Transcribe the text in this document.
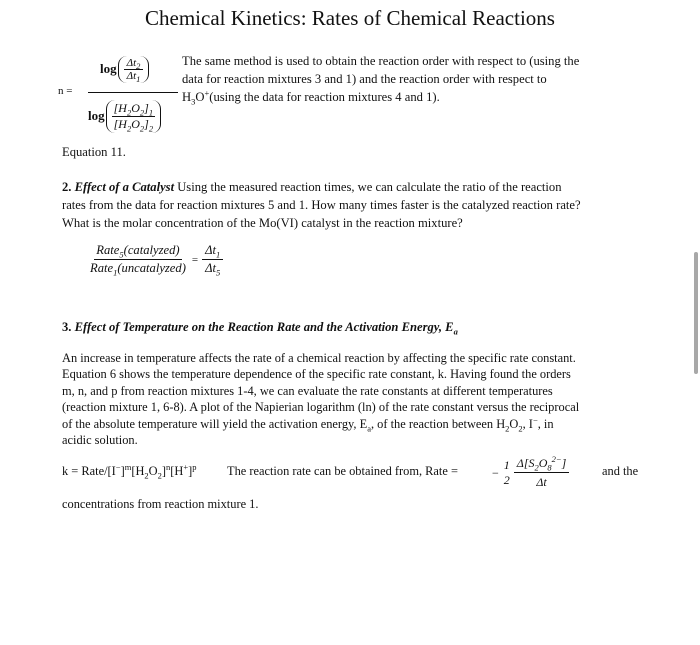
Chemical Kinetics: Rates of Chemical Reactions
n =
$\log \Delta t_2$
$\Delta t_1$
log
$[H_2O_2]_1$
$[H_2O_2]_2$
The same method is used to obtain the reaction order with respect to (using the
data for reaction mixtures 3 and 1) and the reaction order with respect to
$H_3O^+(using$ the data for reaction mixtures 4 and 1).
Equation 11.
2. Effect of a Catalyst Using the measured reaction times, we can calculate the ratio of the reaction
rates from the data for reaction mixtures 5 and 1. How many times faster is the catalyzed reaction rate?
What is the molar concentration of the Mo(VI) catalyst in the reaction mixture?
$\frac{Rate_5(catalyzed)}{Rate_1(uncatalyzed)} = \frac{\Delta t_1}{\Delta t_5}$
3. Effect of Temperature on the Reaction Rate and the Activation Energy, $E_a$
An increase in temperature affects the rate of a chemical reaction by affecting the specific rate constant.
Equation 6 shows the temperature dependence of the specific rate constant, k. Having found the orders
m, n, and p from reaction mixtures 1-4, we can evaluate the rate constants at different temperatures
(reaction mixture 1, 6-8). A plot of the Napierian logarithm (ln) of the rate constant versus the reciprocal
of the absolute temperature will yield the activation energy, $E_a$, of the reaction between $H_2O_2$, I−, in
acidic solution.
k = Rate/$[I^-]^m[H_2O_2]^n[H^+]^p$ The reaction rate can be obtained from, Rate =	−
1
$2 \frac{\Delta[S_2O_8^{2-}]}{\Delta t}$	and the
concentrations from reaction mixture 1.
